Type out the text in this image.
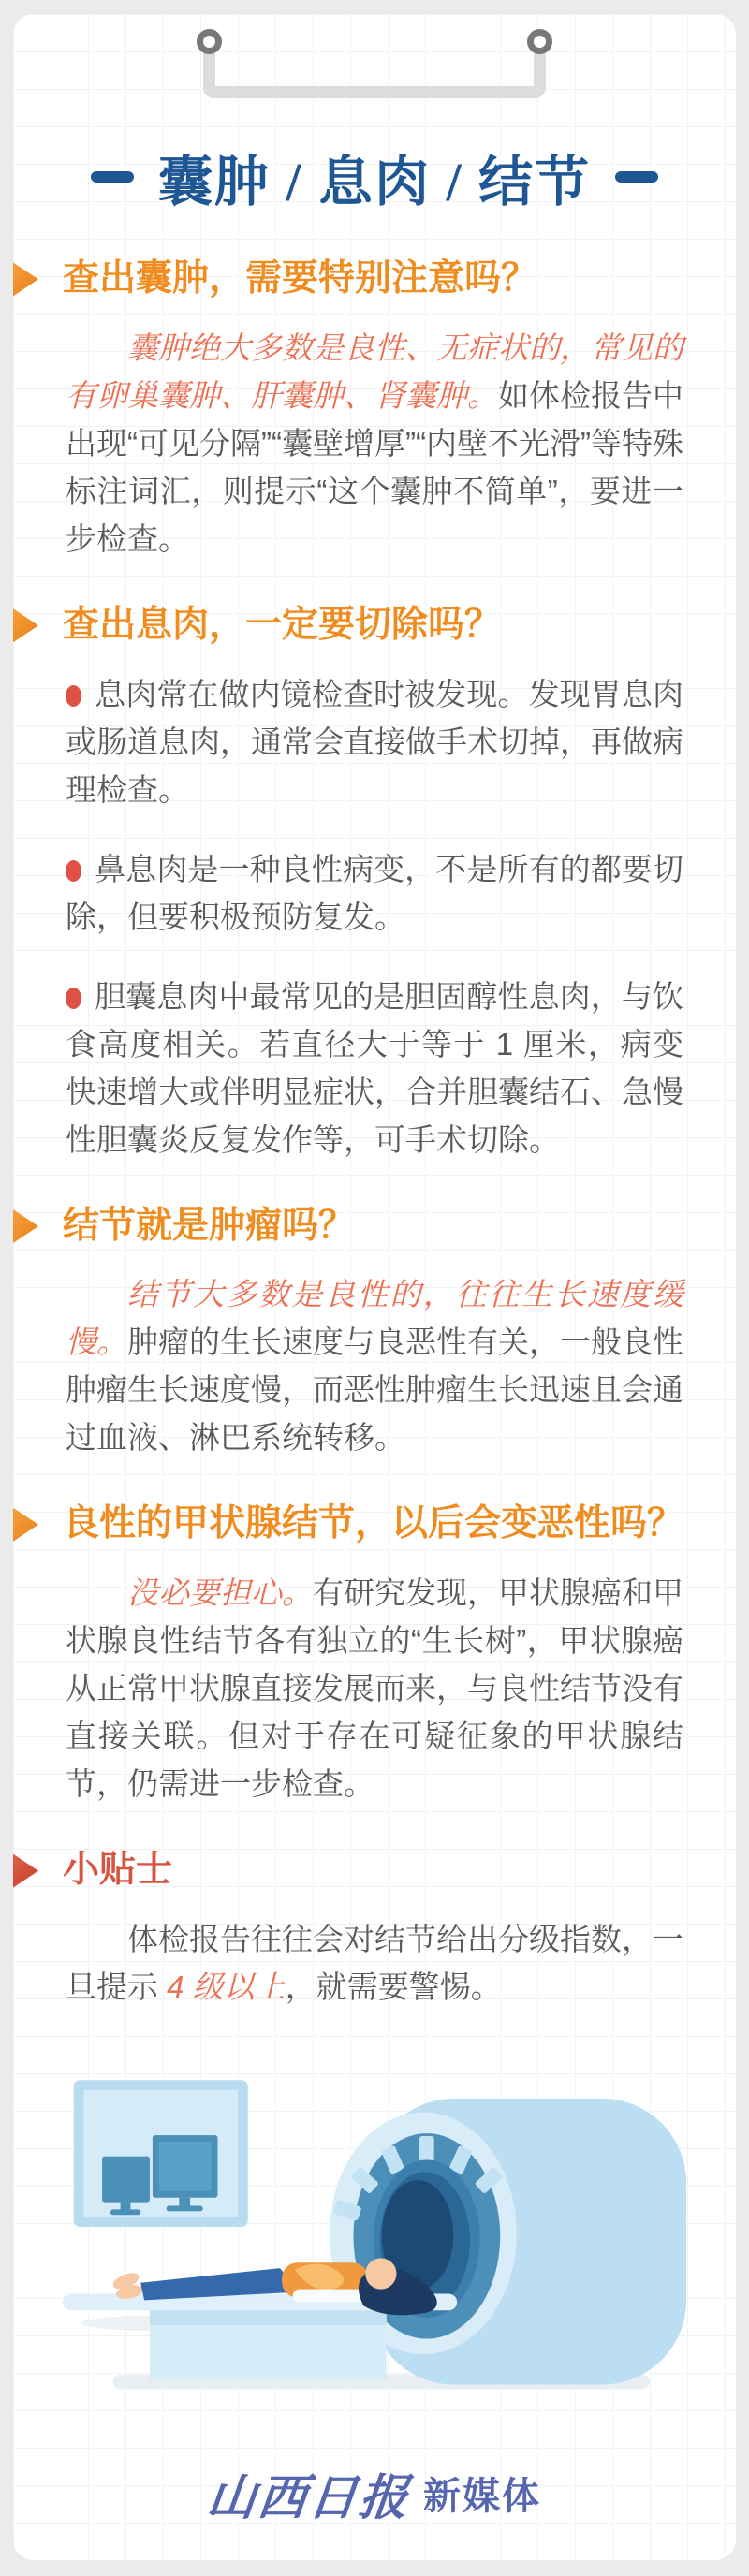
囊肿 / 息肉 / 结节
查出囊肿，需要特别注意吗？

囊肿绝大多数是良性、无症状的，常见的有卵巢囊肿、肝囊肿、肾囊肿。如体检报告中出现“可见分隔”“囊壁增厚”“内壁不光滑”等特殊标注词汇，则提示“这个囊肿不简单”，要进一步检查。

查出息肉，一定要切除吗？

息肉常在做内镜检查时被发现。发现胃息肉或肠道息肉，通常会直接做手术切掉，再做病理检查。

鼻息肉是一种良性病变，不是所有的都要切除，但要积极预防复发。

胆囊息肉中最常见的是胆固醇性息肉，与饮食高度相关。若直径大于等于 1 厘米，病变快速增大或伴明显症状，合并胆囊结石、急慢性胆囊炎反复发作等，可手术切除。

结节就是肿瘤吗？

结节大多数是良性的，往往生长速度缓慢。肿瘤的生长速度与良恶性有关，一般良性肿瘤生长速度慢，而恶性肿瘤生长迅速且会通过血液、淋巴系统转移。

良性的甲状腺结节，以后会变恶性吗？

没必要担心。有研究发现，甲状腺癌和甲状腺良性结节各有独立的“生长树”，甲状腺癌从正常甲状腺直接发展而来，与良性结节没有直接关联。但对于存在可疑征象的甲状腺结节，仍需进一步检查。

小贴士

体检报告往往会对结节给出分级指数，一旦提示 4 级以上，就需要警惕。

山西日报 新媒体
